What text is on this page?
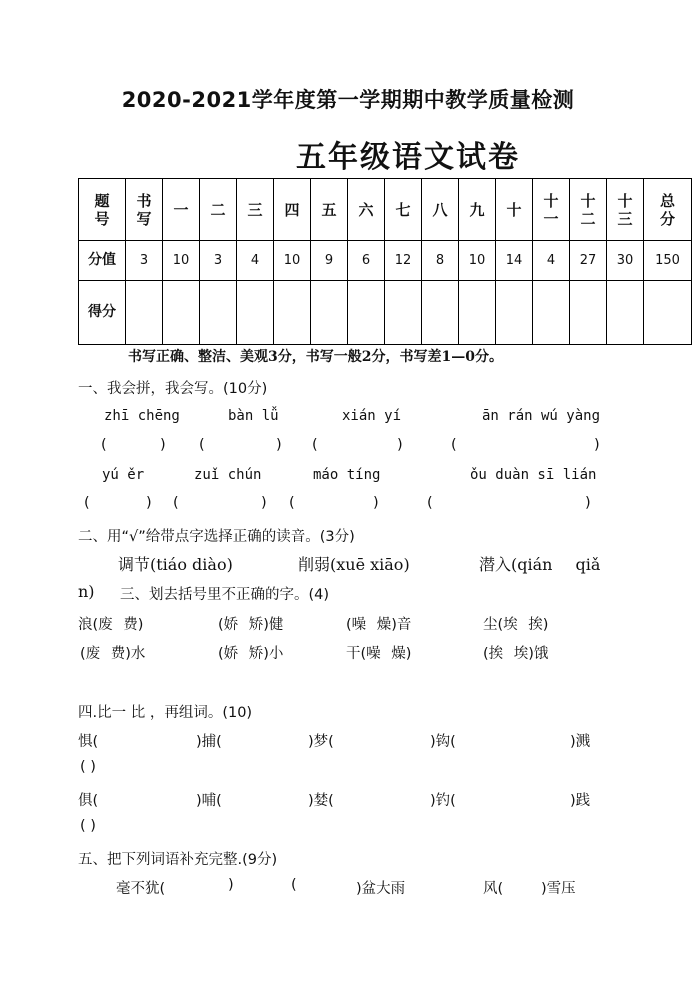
2020-2021学年度第一学期期中教学质量检测
五年级语文试卷
题号	书写	一	二	三	四	五	六	七	八	九	十	十一	十二	十三	总分
分值	3	10	3	4	10	9	6	12	8	10	14	4	27	30	150
得分															
书写正确、整洁、美观3分，书写一般2分，书写差1—0分。
一、我会拼，我会写。(10分)
zhī chēng	bàn lǚ	xián yí	ān rán wú yàng
(	) (	) (	)	(	)
yú ěr	zuǐ chún	máo tíng	ǒu duàn sī lián
(	) (	) (	)	(	)
二、用“√”给带点字选择正确的读音。(3分)
调节(tiáo diào)	削弱(xuē xiāo)	潜入(qián qiǎ
n) 三、划去括号里不正确的字。(4)
浪(废 费)	(娇 矫)健	(噪 燥)音	尘(埃 挨)
(废 费)水	(娇 矫)小	干(噪 燥)	(挨 埃)饿
四.比一 比 ，再组词。(10)
惧(	)捕(	)梦(	)钩(	)溅
( )
俱(	)哺(	)婪(	)钓(	)践
( )
五、把下列词语补充完整.(9分)
毫不犹(	)	(	)盆大雨	风(	)雪压
